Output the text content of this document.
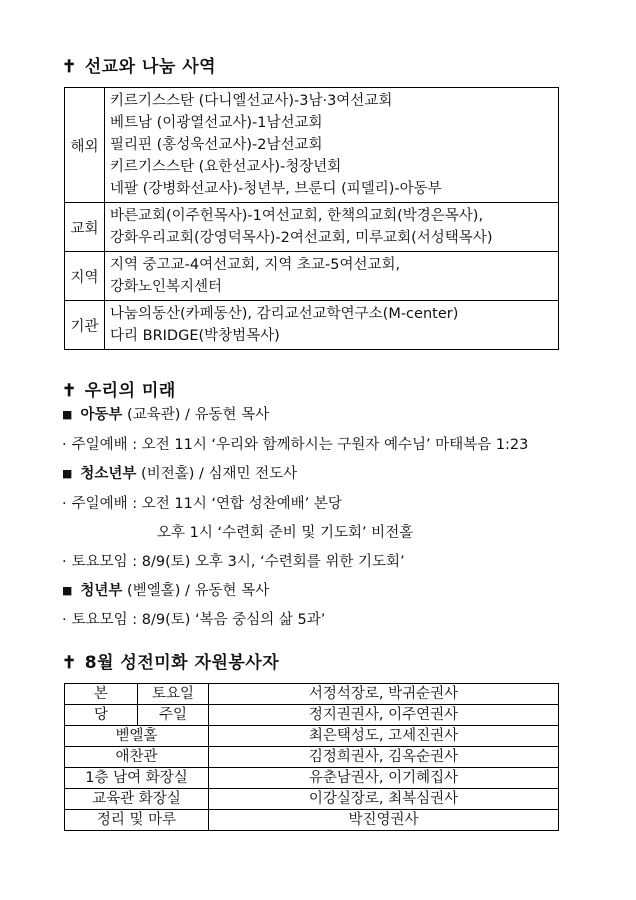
✝ 선교와 나눔 사역
해외	키르기스스탄 (다니엘선교사)-3남·3여선교회
베트남 (이광열선교사)-1남선교회
필리핀 (홍성욱선교사)-2남선교회
키르기스스탄 (요한선교사)-청장년회
네팔 (강병화선교사)-청년부, 브룬디 (피델리)-아동부

교회	바른교회(이주헌목사)-1여선교회, 한책의교회(박경은목사),
강화우리교회(강영덕목사)-2여선교회, 미루교회(서성택목사)

지역	지역 중고교-4여선교회, 지역 초교-5여선교회,
강화노인복지센터

기관	나눔의동산(카페동산), 감리교선교학연구소(M-center)
다리 BRIDGE(박창범목사)
✝ 우리의 미래
■ 아동부 (교육관) / 유동현 목사
· 주일예배 : 오전 11시 ‘우리와 함께하시는 구원자 예수님’ 마태복음 1:23
■ 청소년부 (비전홀) / 심재민 전도사
· 주일예배 : 오전 11시 ‘연합 성찬예배’ 본당
오후 1시 ‘수련회 준비 및 기도회’ 비전홀
· 토요모임 : 8/9(토) 오후 3시, ‘수련회를 위한 기도회’
■ 청년부 (벧엘홀) / 유동현 목사
· 토요모임 : 8/9(토) ‘복음 중심의 삶 5과’
✝ 8월 성전미화 자원봉사자
본	토요일	서정석장로, 박귀순권사
당	주일	정지권권사, 이주연권사
벧엘홀		최은택성도, 고세진권사
애찬관		김정희권사, 김옥순권사
1층 남여 화장실		유춘남권사, 이기혜집사
교육관 화장실		이강실장로, 최복심권사
정리 및 마루		박진영권사
